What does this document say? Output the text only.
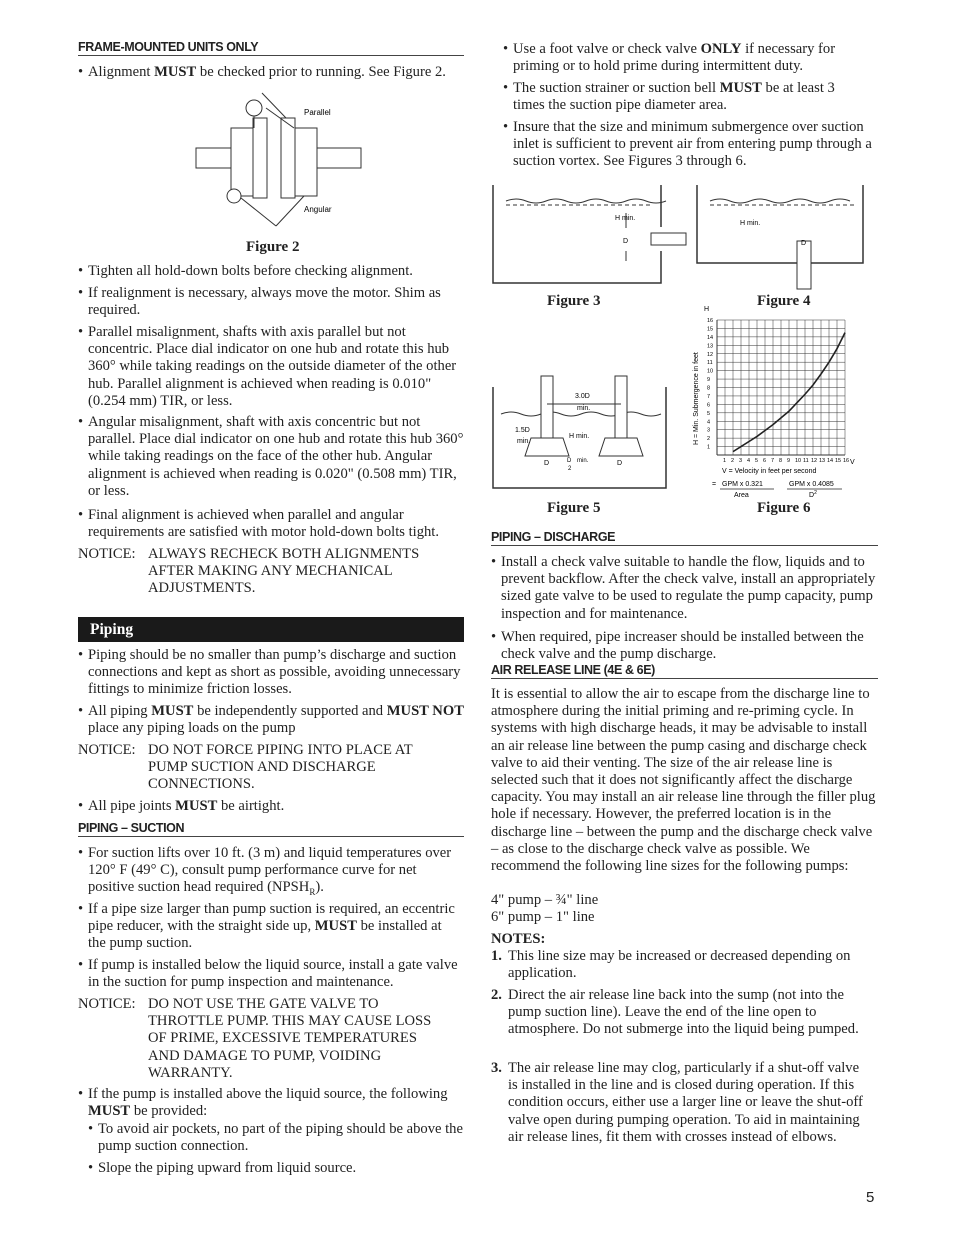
FRAME-MOUNTED UNITS ONLY

• Alignment MUST be checked prior to running. See Figure 2.

Parallel
Angular
Figure 2

• Tighten all hold-down bolts before checking alignment.

• If realignment is necessary, always move the motor. Shim as required.

• Parallel misalignment, shafts with axis parallel but not concentric. Place dial indicator on one hub and rotate this hub 360° while taking readings on the outside diameter of the other hub. Parallel alignment is achieved when reading is 0.010" (0.254 mm) TIR, or less.

• Angular misalignment, shaft with axis concentric but not parallel. Place dial indicator on one hub and rotate this hub 360° while taking readings on the face of the other hub. Angular alignment is achieved when reading is 0.020" (0.508 mm) TIR, or less.

• Final alignment is achieved when parallel and angular requirements are satisfied with motor hold-down bolts tight.

NOTICE: ALWAYS RECHECK BOTH ALIGNMENTS AFTER MAKING ANY MECHANICAL ADJUSTMENTS.
Piping

• Piping should be no smaller than pump’s discharge and suction connections and kept as short as possible, avoiding unnecessary fittings to minimize friction losses.

• All piping MUST be independently supported and MUST NOT place any piping loads on the pump

NOTICE: DO NOT FORCE PIPING INTO PLACE AT PUMP SUCTION AND DISCHARGE CONNECTIONS.

• All pipe joints MUST be airtight.

PIPING – SUCTION

• For suction lifts over 10 ft. (3 m) and liquid temperatures over 120° F (49° C), consult pump performance curve for net positive suction head required $(NPSH_R)$.

• If a pipe size larger than pump suction is required, an eccentric pipe reducer, with the straight side up, MUST be installed at the pump suction.

• If pump is installed below the liquid source, install a gate valve in the suction for pump inspection and maintenance.

NOTICE: DO NOT USE THE GATE VALVE TO THROTTLE PUMP. THIS MAY CAUSE LOSS OF PRIME, EXCESSIVE TEMPERATURES AND DAMAGE TO PUMP, VOIDING WARRANTY.

• If the pump is installed above the liquid source, the following MUST be provided:

• To avoid air pockets, no part of the piping should be above the pump suction connection.

• Slope the piping upward from liquid source.

• Use a foot valve or check valve ONLY if necessary for priming or to hold prime during intermittent duty.

• The suction strainer or suction bell MUST be at least 3 times the suction pipe diameter area.

• Insure that the size and minimum submergence over suction inlet is sufficient to prevent air from entering pump through a suction vortex. See Figures 3 through 6.

H min.
D
Figure 3
H min.
D
Figure 4
3.0D
min.
1.5D
min.
H min.
D	D min.
2
D
Figure 5
1 2 3 4 5 6 7 8 9 10 11 12 13 14 15 16
1
2
3
4
5
6
7
8
9
10
11
12
13
14
15
16
H
V
H = Min. Submergence in feet
V = Velocity in feet per second
= GPM x 0.321
Area
GPM x 0.4085
$D^2$
Figure 6
PIPING – DISCHARGE

• Install a check valve suitable to handle the flow, liquids and to prevent backflow. After the check valve, install an appropriately sized gate valve to be used to regulate the pump capacity, pump inspection and for maintenance.

• When required, pipe increaser should be installed between the check valve and the pump discharge.

AIR RELEASE LINE (4E & 6E)

It is essential to allow the air to escape from the discharge line to atmosphere during the initial priming and re-priming cycle. In systems with high discharge heads, it may be advisable to install an air release line between the pump casing and discharge check valve to aid their venting. The size of the air release line is selected such that it does not significantly affect the discharge capacity. You may install an air release line through the filler plug hole if necessary. However, the preferred location is in the discharge line – between the pump and the discharge check valve – as close to the discharge check valve as possible. We recommend the following line sizes for the following pumps:

4" pump – ¾" line

6" pump – 1" line

NOTES:

1. This line size may be increased or decreased depending on application.
2. Direct the air release line back into the sump (not into the pump suction line). Leave the end of the line open to atmosphere. Do not submerge into the liquid being pumped.
3. The air release line may clog, particularly if a shut-off valve is installed in the line and is closed during operation. If this condition occurs, either use a larger line or leave the shut-off valve open during pumping operation. To aid in maintaining air release lines, fit them with crosses instead of elbows.
5
